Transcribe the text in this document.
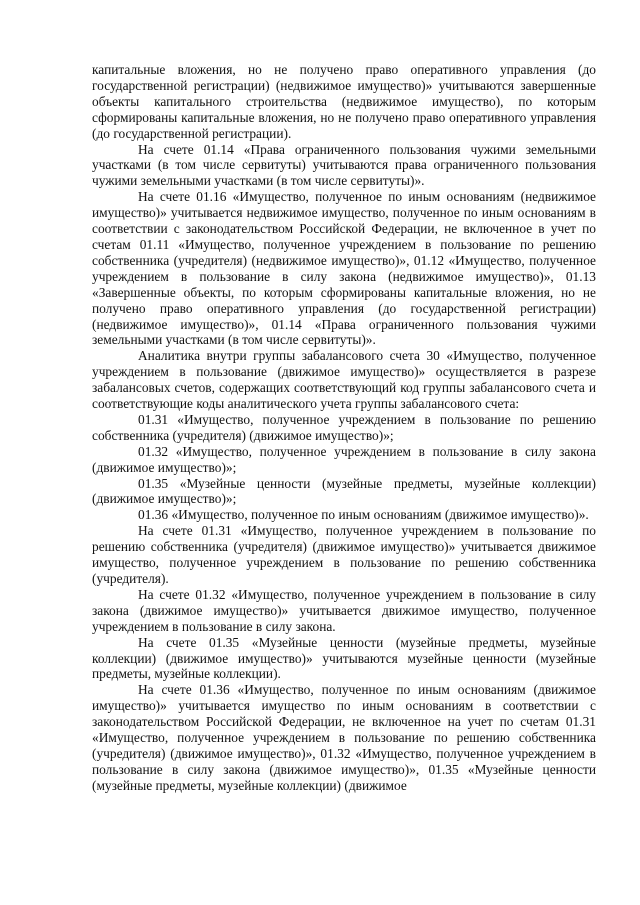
капитальные вложения, но не получено право оперативного управления (до государственной регистрации) (недвижимое имущество)» учитываются завершенные объекты капитального строительства (недвижимое имущество), по которым сформированы капитальные вложения, но не получено право оперативного управления (до государственной регистрации).

На счете 01.14 «Права ограниченного пользования чужими земельными участками (в том числе сервитуты) учитываются права ограниченного пользования чужими земельными участками (в том числе сервитуты)».

На счете 01.16 «Имущество, полученное по иным основаниям (недвижимое имущество)» учитывается недвижимое имущество, полученное по иным основаниям в соответствии с законодательством Российской Федерации, не включенное в учет по счетам 01.11 «Имущество, полученное учреждением в пользование по решению собственника (учредителя) (недвижимое имущество)», 01.12 «Имущество, полученное учреждением в пользование в силу закона (недвижимое имущество)», 01.13 «Завершенные объекты, по которым сформированы капитальные вложения, но не получено право оперативного управления (до государственной регистрации) (недвижимое имущество)», 01.14 «Права ограниченного пользования чужими земельными участками (в том числе сервитуты)».

Аналитика внутри группы забалансового счета 30 «Имущество, полученное учреждением в пользование (движимое имущество)» осуществляется в разрезе забалансовых счетов, содержащих соответствующий код группы забалансового счета и соответствующие коды аналитического учета группы забалансового счета:

01.31 «Имущество, полученное учреждением в пользование по решению собственника (учредителя) (движимое имущество)»;

01.32 «Имущество, полученное учреждением в пользование в силу закона (движимое имущество)»;

01.35 «Музейные ценности (музейные предметы, музейные коллекции) (движимое имущество)»;

01.36 «Имущество, полученное по иным основаниям (движимое имущество)».

На счете 01.31 «Имущество, полученное учреждением в пользование по решению собственника (учредителя) (движимое имущество)» учитывается движимое имущество, полученное учреждением в пользование по решению собственника (учредителя).

На счете 01.32 «Имущество, полученное учреждением в пользование в силу закона (движимое имущество)» учитывается движимое имущество, полученное учреждением в пользование в силу закона.

На счете 01.35 «Музейные ценности (музейные предметы, музейные коллекции) (движимое имущество)» учитываются музейные ценности (музейные предметы, музейные коллекции).

На счете 01.36 «Имущество, полученное по иным основаниям (движимое имущество)» учитывается имущество по иным основаниям в соответствии с законодательством Российской Федерации, не включенное на учет по счетам 01.31 «Имущество, полученное учреждением в пользование по решению собственника (учредителя) (движимое имущество)», 01.32 «Имущество, полученное учреждением в пользование в силу закона (движимое имущество)», 01.35 «Музейные ценности (музейные предметы, музейные коллекции) (движимое
